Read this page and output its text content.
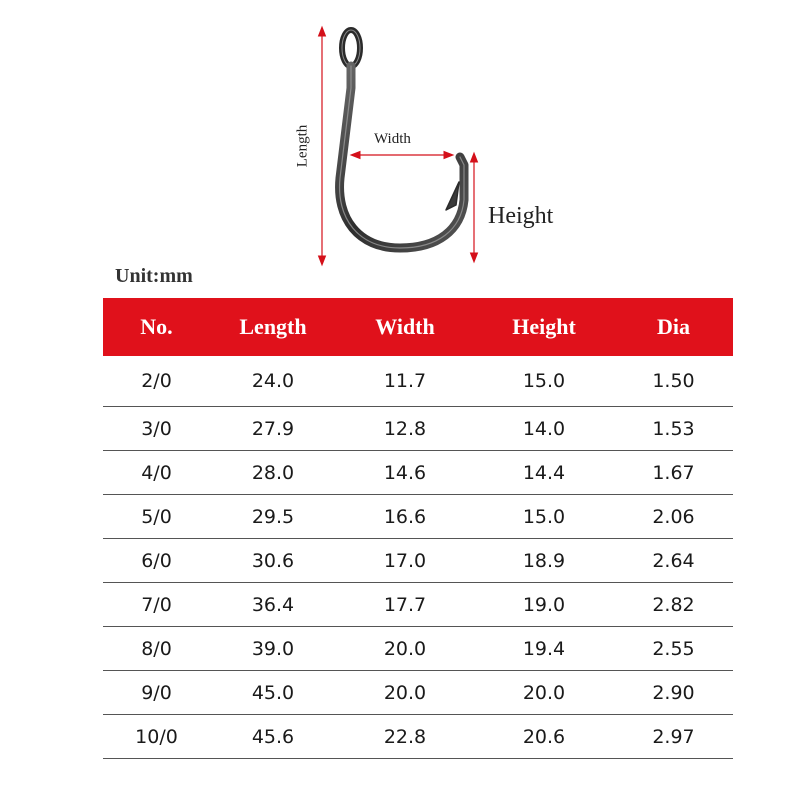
Length	Width
Height
Unit:mm
No.	Length	Width	Height	Dia
2/0	24.0	11.7	15.0	1.50
3/0	27.9	12.8	14.0	1.53
4/0	28.0	14.6	14.4	1.67
5/0	29.5	16.6	15.0	2.06
6/0	30.6	17.0	18.9	2.64
7/0	36.4	17.7	19.0	2.82
8/0	39.0	20.0	19.4	2.55
9/0	45.0	20.0	20.0	2.90
10/0	45.6	22.8	20.6	2.97
